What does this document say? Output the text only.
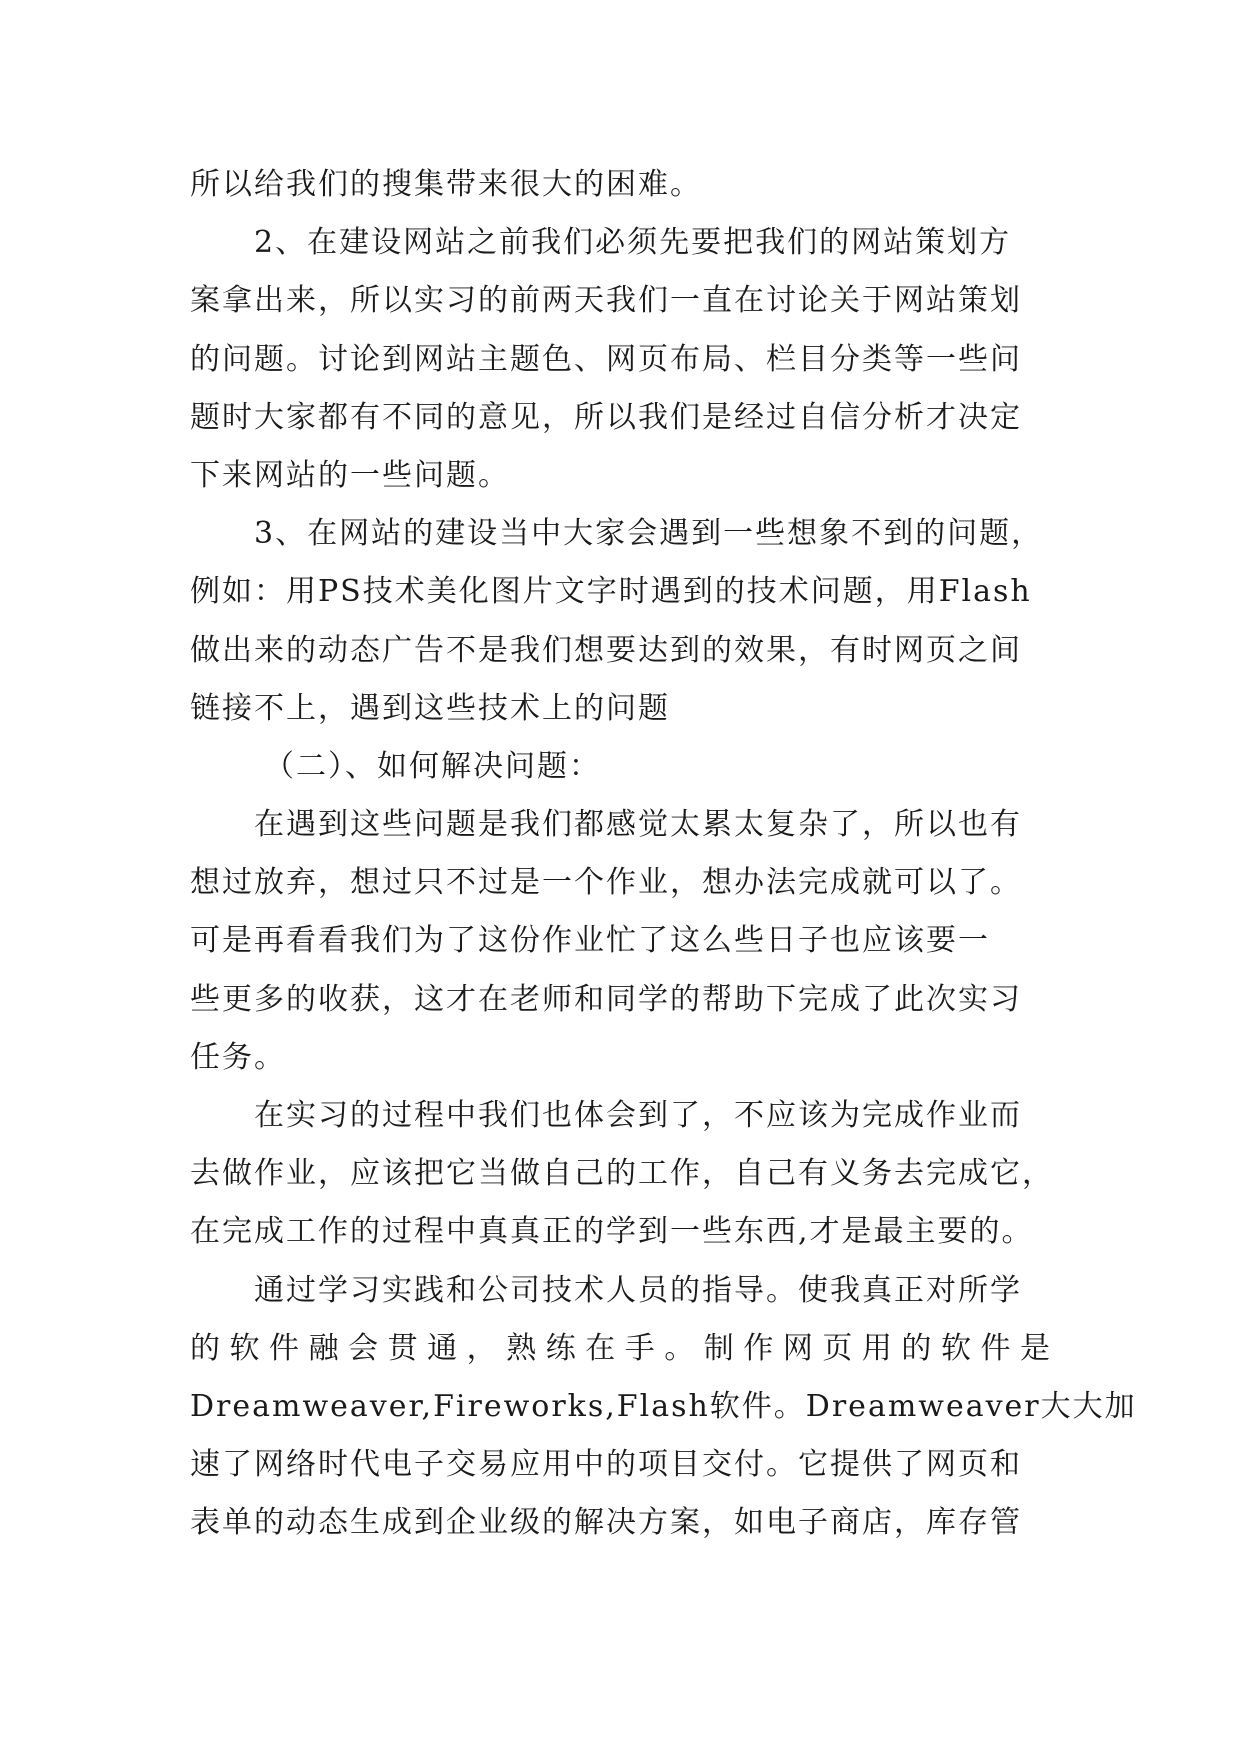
所以给我们的搜集带来很大的困难。
2、在建设网站之前我们必须先要把我们的网站策划方
案拿出来，所以实习的前两天我们一直在讨论关于网站策划
的问题。讨论到网站主题色、网页布局、栏目分类等一些问
题时大家都有不同的意见，所以我们是经过自信分析才决定
下来网站的一些问题。
3、在网站的建设当中大家会遇到一些想象不到的问题，
例如：用PS技术美化图片文字时遇到的技术问题，用Flash
做出来的动态广告不是我们想要达到的效果，有时网页之间
链接不上，遇到这些技术上的问题
（二）、如何解决问题：
在遇到这些问题是我们都感觉太累太复杂了，所以也有
想过放弃，想过只不过是一个作业，想办法完成就可以了。
可是再看看我们为了这份作业忙了这么些日子也应该要一
些更多的收获，这才在老师和同学的帮助下完成了此次实习
任务。
在实习的过程中我们也体会到了，不应该为完成作业而
去做作业，应该把它当做自己的工作，自己有义务去完成它，
在完成工作的过程中真真正的学到一些东西,才是最主要的。
通过学习实践和公司技术人员的指导。使我真正对所学
的软件融会贯通，熟练在手。制作网页用的软件是
Dreamweaver,Fireworks,Flash软件。Dreamweaver大大加
速了网络时代电子交易应用中的项目交付。它提供了网页和
表单的动态生成到企业级的解决方案，如电子商店，库存管
